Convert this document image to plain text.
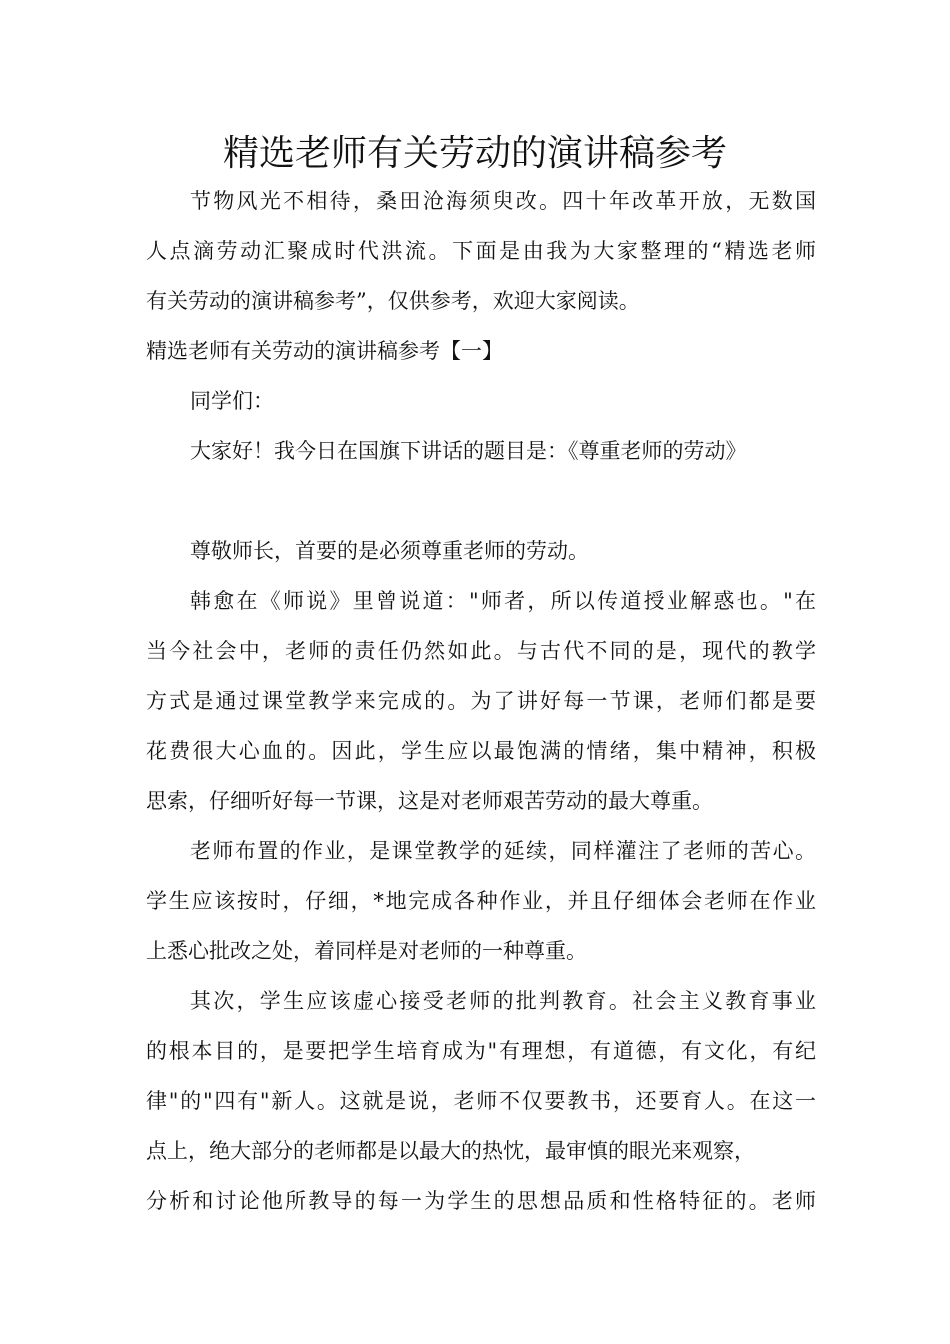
精选老师有关劳动的演讲稿参考

节物风光不相待，桑田沧海须臾改。四十年改革开放，无数国

人点滴劳动汇聚成时代洪流。下面是由我为大家整理的“精选老师

有关劳动的演讲稿参考”，仅供参考，欢迎大家阅读。

精选老师有关劳动的演讲稿参考【一】

同学们：

大家好！我今日在国旗下讲话的题目是：《尊重老师的劳动》

尊敬师长，首要的是必须尊重老师的劳动。

韩愈在《师说》里曾说道："师者，所以传道授业解惑也。"在

当今社会中，老师的责任仍然如此。与古代不同的是，现代的教学

方式是通过课堂教学来完成的。为了讲好每一节课，老师们都是要

花费很大心血的。因此，学生应以最饱满的情绪，集中精神，积极

思索，仔细听好每一节课，这是对老师艰苦劳动的最大尊重。

老师布置的作业，是课堂教学的延续，同样灌注了老师的苦心。

学生应该按时，仔细，*地完成各种作业，并且仔细体会老师在作业

上悉心批改之处，着同样是对老师的一种尊重。

其次，学生应该虚心接受老师的批判教育。社会主义教育事业

的根本目的，是要把学生培育成为"有理想，有道德，有文化，有纪

律"的"四有"新人。这就是说，老师不仅要教书，还要育人。在这一

点上，绝大部分的老师都是以最大的热忱，最审慎的眼光来观察，

分析和讨论他所教导的每一为学生的思想品质和性格特征的。老师
